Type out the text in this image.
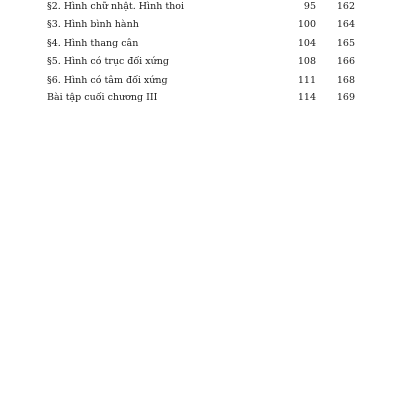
§2. Hình chữ nhật. Hình thoi	95 162
§3. Hình bình hành	100 164
§4. Hình thang cân	104 165
§5. Hình có trục đối xứng	108 166
§6. Hình có tâm đối xứng	111 168
Bài tập cuối chương III	114 169
